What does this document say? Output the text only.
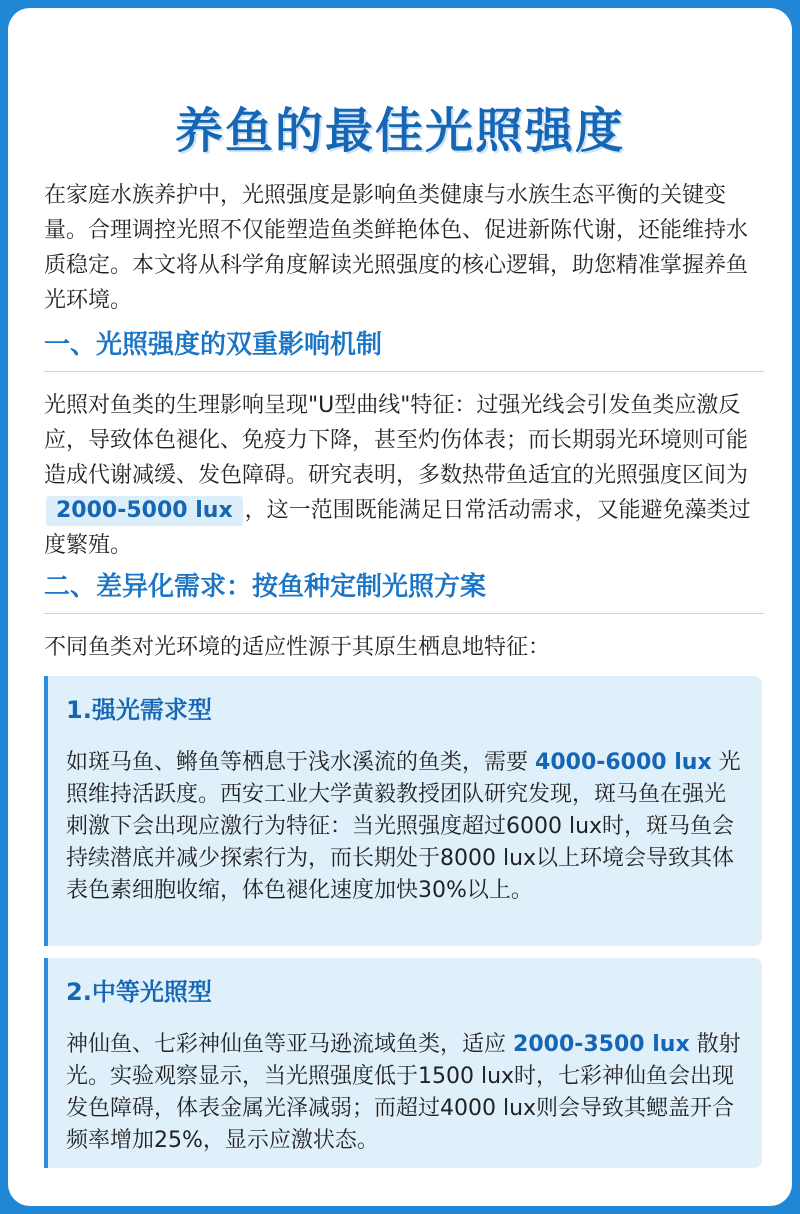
养鱼的最佳光照强度

在家庭水族养护中，光照强度是影响鱼类健康与水族生态平衡的关键变量。合理调控光照不仅能塑造鱼类鲜艳体色、促进新陈代谢，还能维持水质稳定。本文将从科学角度解读光照强度的核心逻辑，助您精准掌握养鱼光环境。

一、光照强度的双重影响机制

光照对鱼类的生理影响呈现"U型曲线"特征：过强光线会引发鱼类应激反应，导致体色褪化、免疫力下降，甚至灼伤体表；而长期弱光环境则可能造成代谢减缓、发色障碍。研究表明，多数热带鱼适宜的光照强度区间为2000-5000 lux ，这一范围既能满足日常活动需求，又能避免藻类过度繁殖。

二、差异化需求：按鱼种定制光照方案

不同鱼类对光环境的适应性源于其原生栖息地特征：

1.强光需求型

如斑马鱼、鳉鱼等栖息于浅水溪流的鱼类，需要 4000-6000 lux 光照维持活跃度。西安工业大学黄毅教授团队研究发现，斑马鱼在强光刺激下会出现应激行为特征：当光照强度超过6000 lux时，斑马鱼会持续潜底并减少探索行为，而长期处于8000 lux以上环境会导致其体表色素细胞收缩，体色褪化速度加快30%以上。

2.中等光照型

神仙鱼、七彩神仙鱼等亚马逊流域鱼类，适应 2000-3500 lux 散射光。实验观察显示，当光照强度低于1500 lux时，七彩神仙鱼会出现发色障碍，体表金属光泽减弱；而超过4000 lux则会导致其鳃盖开合频率增加25%，显示应激状态。
